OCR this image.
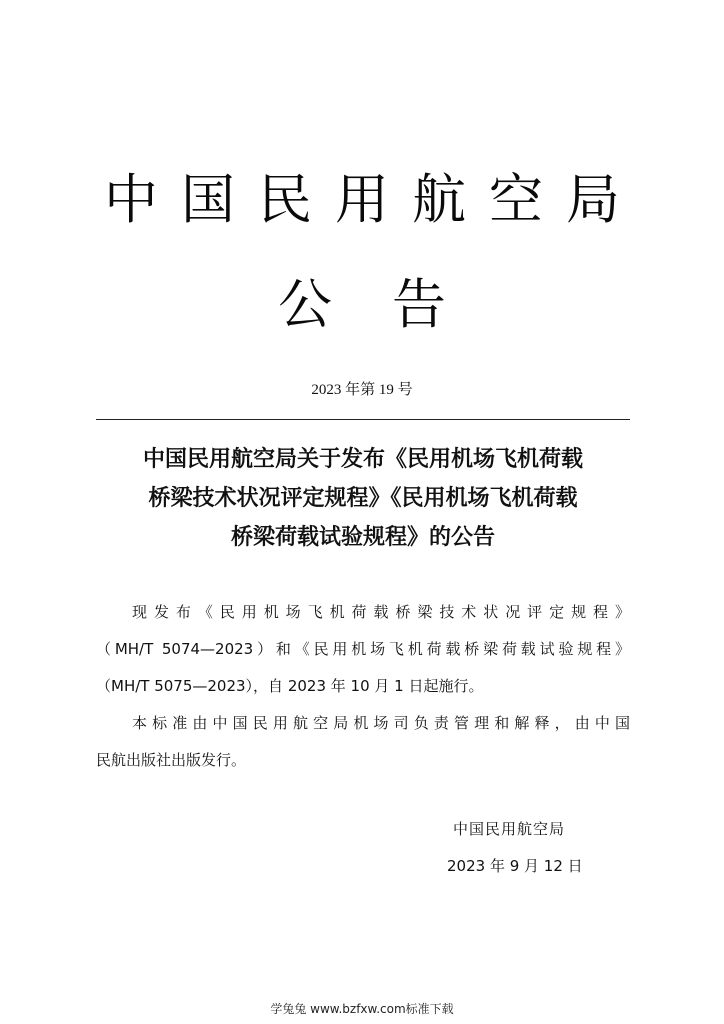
中国民用航空局
公告
2023 年第 19 号
中国民用航空局关于发布《民用机场飞机荷载
桥梁技术状况评定规程》《民用机场飞机荷载
桥梁荷载试验规程》的公告
现发布《民用机场飞机荷载桥梁技术状况评定规程》
（MH/T 5074—2023）和《民用机场飞机荷载桥梁荷载试验规程》
（MH/T 5075—2023），自 2023 年 10 月 1 日起施行。
本标准由中国民用航空局机场司负责管理和解释，由中国
民航出版社出版发行。
中国民用航空局
2023 年 9 月 12 日
学兔兔 www.bzfxw.com标准下载
